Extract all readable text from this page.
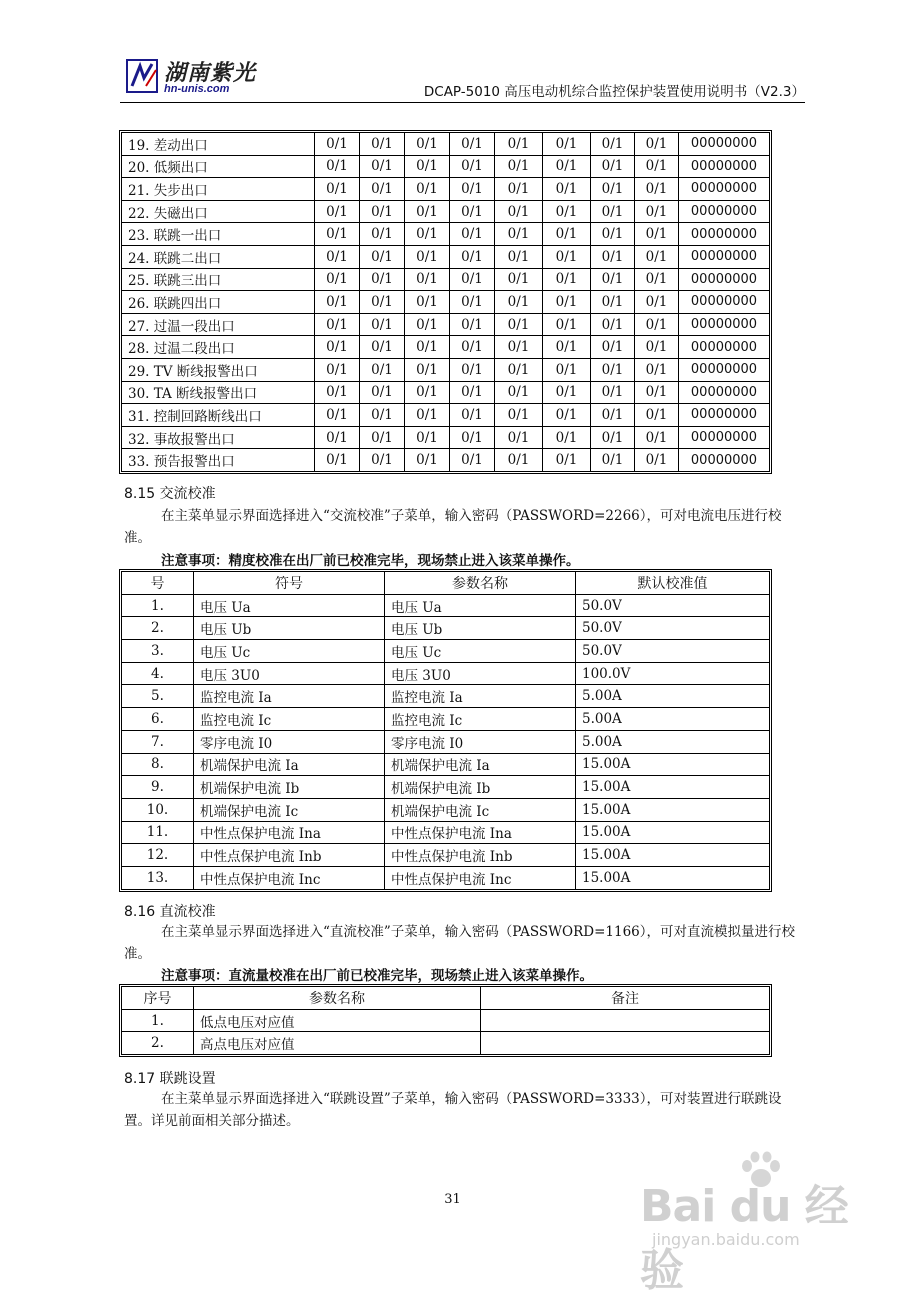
湖南紫光
hn-unis.com	DCAP-5010 高压电动机综合监控保护装置使用说明书（V2.3）
19. 差动出口	0/1	0/1	0/1	0/1	0/1	0/1	0/1	0/1	00000000
20. 低频出口	0/1	0/1	0/1	0/1	0/1	0/1	0/1	0/1	00000000
21. 失步出口	0/1	0/1	0/1	0/1	0/1	0/1	0/1	0/1	00000000
22. 失磁出口	0/1	0/1	0/1	0/1	0/1	0/1	0/1	0/1	00000000
23. 联跳一出口	0/1	0/1	0/1	0/1	0/1	0/1	0/1	0/1	00000000
24. 联跳二出口	0/1	0/1	0/1	0/1	0/1	0/1	0/1	0/1	00000000
25. 联跳三出口	0/1	0/1	0/1	0/1	0/1	0/1	0/1	0/1	00000000
26. 联跳四出口	0/1	0/1	0/1	0/1	0/1	0/1	0/1	0/1	00000000
27. 过温一段出口	0/1	0/1	0/1	0/1	0/1	0/1	0/1	0/1	00000000
28. 过温二段出口	0/1	0/1	0/1	0/1	0/1	0/1	0/1	0/1	00000000
29. TV 断线报警出口	0/1	0/1	0/1	0/1	0/1	0/1	0/1	0/1	00000000
30. TA 断线报警出口	0/1	0/1	0/1	0/1	0/1	0/1	0/1	0/1	00000000
31. 控制回路断线出口	0/1	0/1	0/1	0/1	0/1	0/1	0/1	0/1	00000000
32. 事故报警出口	0/1	0/1	0/1	0/1	0/1	0/1	0/1	0/1	00000000
33. 预告报警出口	0/1	0/1	0/1	0/1	0/1	0/1	0/1	0/1	00000000
8.15 交流校准
在主菜单显示界面选择进入“交流校准”子菜单，输入密码（PASSWORD=2266），可对电流电压进行校准。
注意事项：精度校准在出厂前已校准完毕，现场禁止进入该菜单操作。
号	符号	参数名称	默认校准值
1.	电压 Ua	电压 Ua	50.0V
2.	电压 Ub	电压 Ub	50.0V
3.	电压 Uc	电压 Uc	50.0V
4.	电压 3U0	电压 3U0	100.0V
5.	监控电流 Ia	监控电流 Ia	5.00A
6.	监控电流 Ic	监控电流 Ic	5.00A
7.	零序电流 I0	零序电流 I0	5.00A
8.	机端保护电流 Ia	机端保护电流 Ia	15.00A
9.	机端保护电流 Ib	机端保护电流 Ib	15.00A
10.	机端保护电流 Ic	机端保护电流 Ic	15.00A
11.	中性点保护电流 Ina	中性点保护电流 Ina	15.00A
12.	中性点保护电流 Inb	中性点保护电流 Inb	15.00A
13.	中性点保护电流 Inc	中性点保护电流 Inc	15.00A
8.16 直流校准
在主菜单显示界面选择进入“直流校准”子菜单，输入密码（PASSWORD=1166），可对直流模拟量进行校准。
注意事项：直流量校准在出厂前已校准完毕，现场禁止进入该菜单操作。
序号	参数名称	备注
1.	低点电压对应值	
2.	高点电压对应值	
8.17 联跳设置
在主菜单显示界面选择进入“联跳设置”子菜单，输入密码（PASSWORD=3333），可对装置进行联跳设置。详见前面相关部分描述。
31	Bai du 经验
jingyan.baidu.com
